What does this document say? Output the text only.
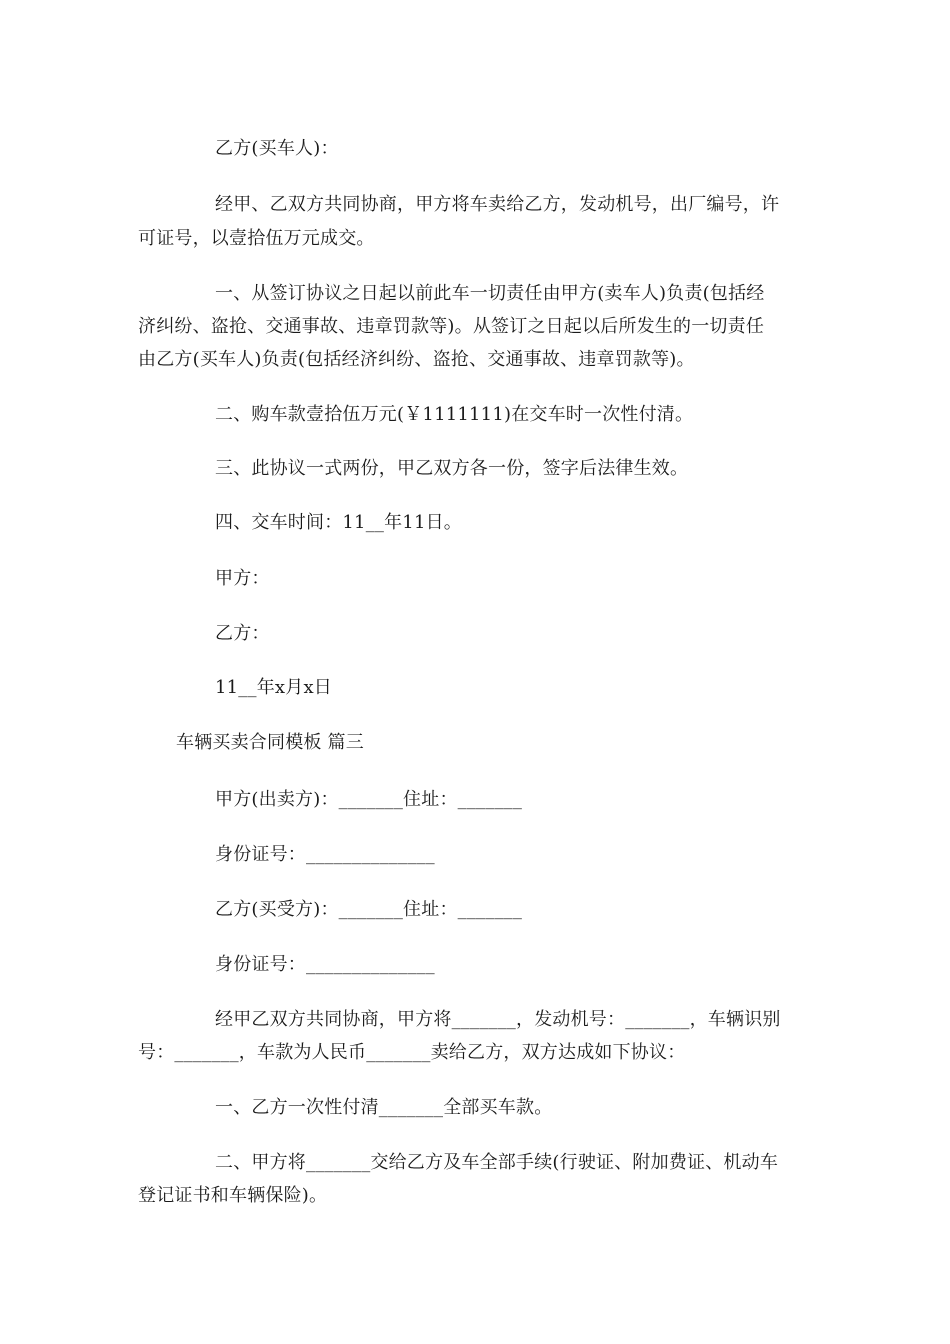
乙方(买车人)：
经甲、乙双方共同协商，甲方将车卖给乙方，发动机号，出厂编号，许
可证号，以壹拾伍万元成交。
一、从签订协议之日起以前此车一切责任由甲方(卖车人)负责(包括经
济纠纷、盗抢、交通事故、违章罚款等)。从签订之日起以后所发生的一切责任
由乙方(买车人)负责(包括经济纠纷、盗抢、交通事故、违章罚款等)。
二、购车款壹拾伍万元(￥1111111)在交车时一次性付清。
三、此协议一式两份，甲乙双方各一份，签字后法律生效。
四、交车时间：11__年11日。
甲方：
乙方：
11__年x月x日
车辆买卖合同模板 篇三
甲方(出卖方)：_______住址：_______
身份证号：______________
乙方(买受方)：_______住址：_______
身份证号：______________
经甲乙双方共同协商，甲方将_______，发动机号：_______，车辆识别
号：_______，车款为人民币_______卖给乙方，双方达成如下协议：
一、乙方一次性付清_______全部买车款。
二、甲方将_______交给乙方及车全部手续(行驶证、附加费证、机动车
登记证书和车辆保险)。
